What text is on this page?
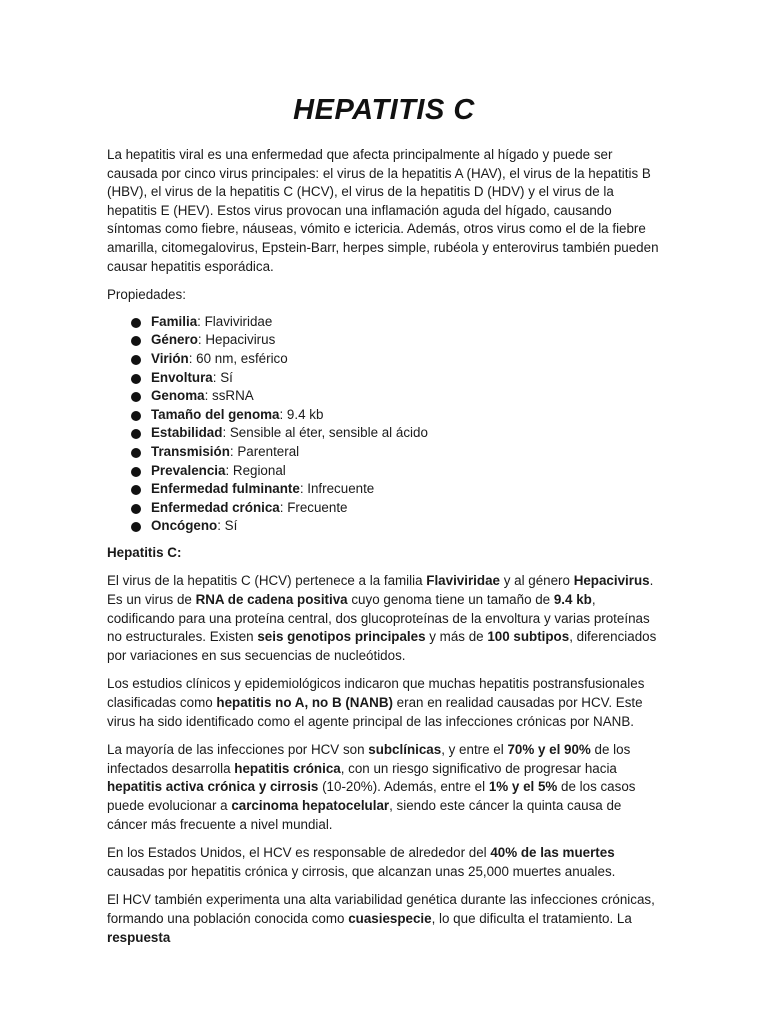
HEPATITIS C

La hepatitis viral es una enfermedad que afecta principalmente al hígado y puede ser causada por cinco virus principales: el virus de la hepatitis A (HAV), el virus de la hepatitis B (HBV), el virus de la hepatitis C (HCV), el virus de la hepatitis D (HDV) y el virus de la hepatitis E (HEV). Estos virus provocan una inflamación aguda del hígado, causando síntomas como fiebre, náuseas, vómito e ictericia. Además, otros virus como el de la fiebre amarilla, citomegalovirus, Epstein-Barr, herpes simple, rubéola y enterovirus también pueden causar hepatitis esporádica.

Propiedades:

Familia: Flaviviridae
Género: Hepacivirus
Virión: 60 nm, esférico
Envoltura: Sí
Genoma: ssRNA
Tamaño del genoma: 9.4 kb
Estabilidad: Sensible al éter, sensible al ácido
Transmisión: Parenteral
Prevalencia: Regional
Enfermedad fulminante: Infrecuente
Enfermedad crónica: Frecuente
Oncógeno: Sí

Hepatitis C:

El virus de la hepatitis C (HCV) pertenece a la familia Flaviviridae y al género Hepacivirus. Es un virus de RNA de cadena positiva cuyo genoma tiene un tamaño de 9.4 kb, codificando para una proteína central, dos glucoproteínas de la envoltura y varias proteínas no estructurales. Existen seis genotipos principales y más de 100 subtipos, diferenciados por variaciones en sus secuencias de nucleótidos.

Los estudios clínicos y epidemiológicos indicaron que muchas hepatitis postransfusionales clasificadas como hepatitis no A, no B (NANB) eran en realidad causadas por HCV. Este virus ha sido identificado como el agente principal de las infecciones crónicas por NANB.

La mayoría de las infecciones por HCV son subclínicas, y entre el 70% y el 90% de los infectados desarrolla hepatitis crónica, con un riesgo significativo de progresar hacia hepatitis activa crónica y cirrosis (10-20%). Además, entre el 1% y el 5% de los casos puede evolucionar a carcinoma hepatocelular, siendo este cáncer la quinta causa de cáncer más frecuente a nivel mundial.

En los Estados Unidos, el HCV es responsable de alrededor del 40% de las muertes causadas por hepatitis crónica y cirrosis, que alcanzan unas 25,000 muertes anuales.

El HCV también experimenta una alta variabilidad genética durante las infecciones crónicas, formando una población conocida como cuasiespecie, lo que dificulta el tratamiento. La respuesta
